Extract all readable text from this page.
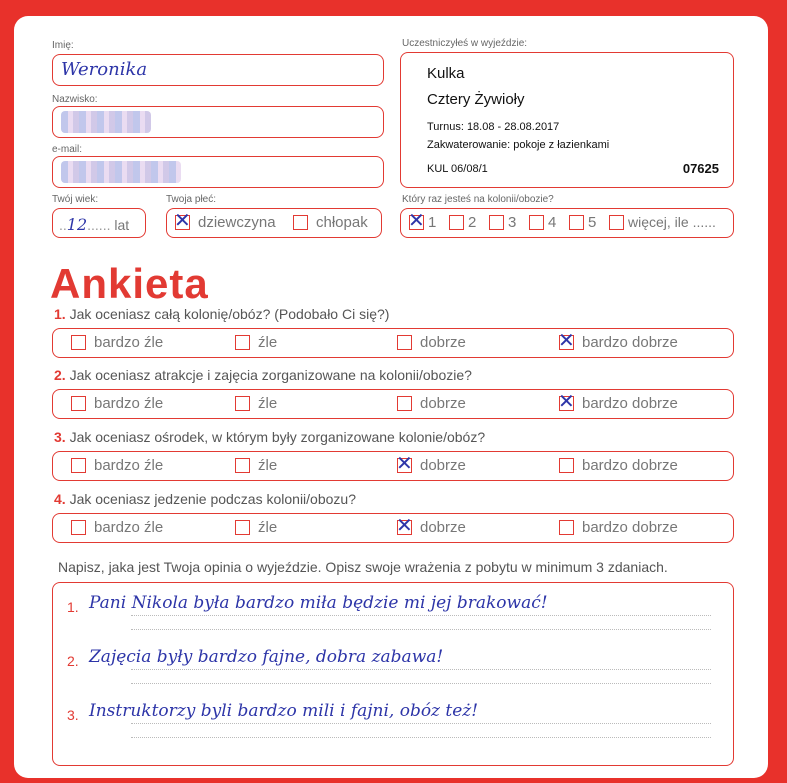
Imię:
Weronika
Nazwisko:
e-mail:
Twój wiek:
..12...... lat
Twoja płeć:
✕ dziewczyna	chłopak
Uczestniczyłeś w wyjeździe:
Kulka
Cztery Żywioły
Turnus: 18.08 - 28.08.2017
Zakwaterowanie: pokoje z łazienkami
KUL 06/08/1	07625
Który raz jesteś na kolonii/obozie?
✕ 1 2 3 4 5 więcej, ile ......
Ankieta
1. Jak oceniasz całą kolonię/obóz? (Podobało Ci się?)
bardzo źle	źle	dobrze	✕ bardzo dobrze
2. Jak oceniasz atrakcje i zajęcia zorganizowane na kolonii/obozie?
bardzo źle	źle	dobrze	✕ bardzo dobrze
3. Jak oceniasz ośrodek, w którym były zorganizowane kolonie/obóz?
bardzo źle	źle	✕ dobrze	bardzo dobrze
4. Jak oceniasz jedzenie podczas kolonii/obozu?
bardzo źle	źle	✕ dobrze	bardzo dobrze
Napisz, jaka jest Twoja opinia o wyjeździe. Opisz swoje wrażenia z pobytu w minimum 3 zdaniach.
1. Pani Nikola była bardzo miła będzie mi jej brakować!
2. Zajęcia były bardzo fajne, dobra zabawa!
3. Instruktorzy byli bardzo mili i fajni, obóz też!
